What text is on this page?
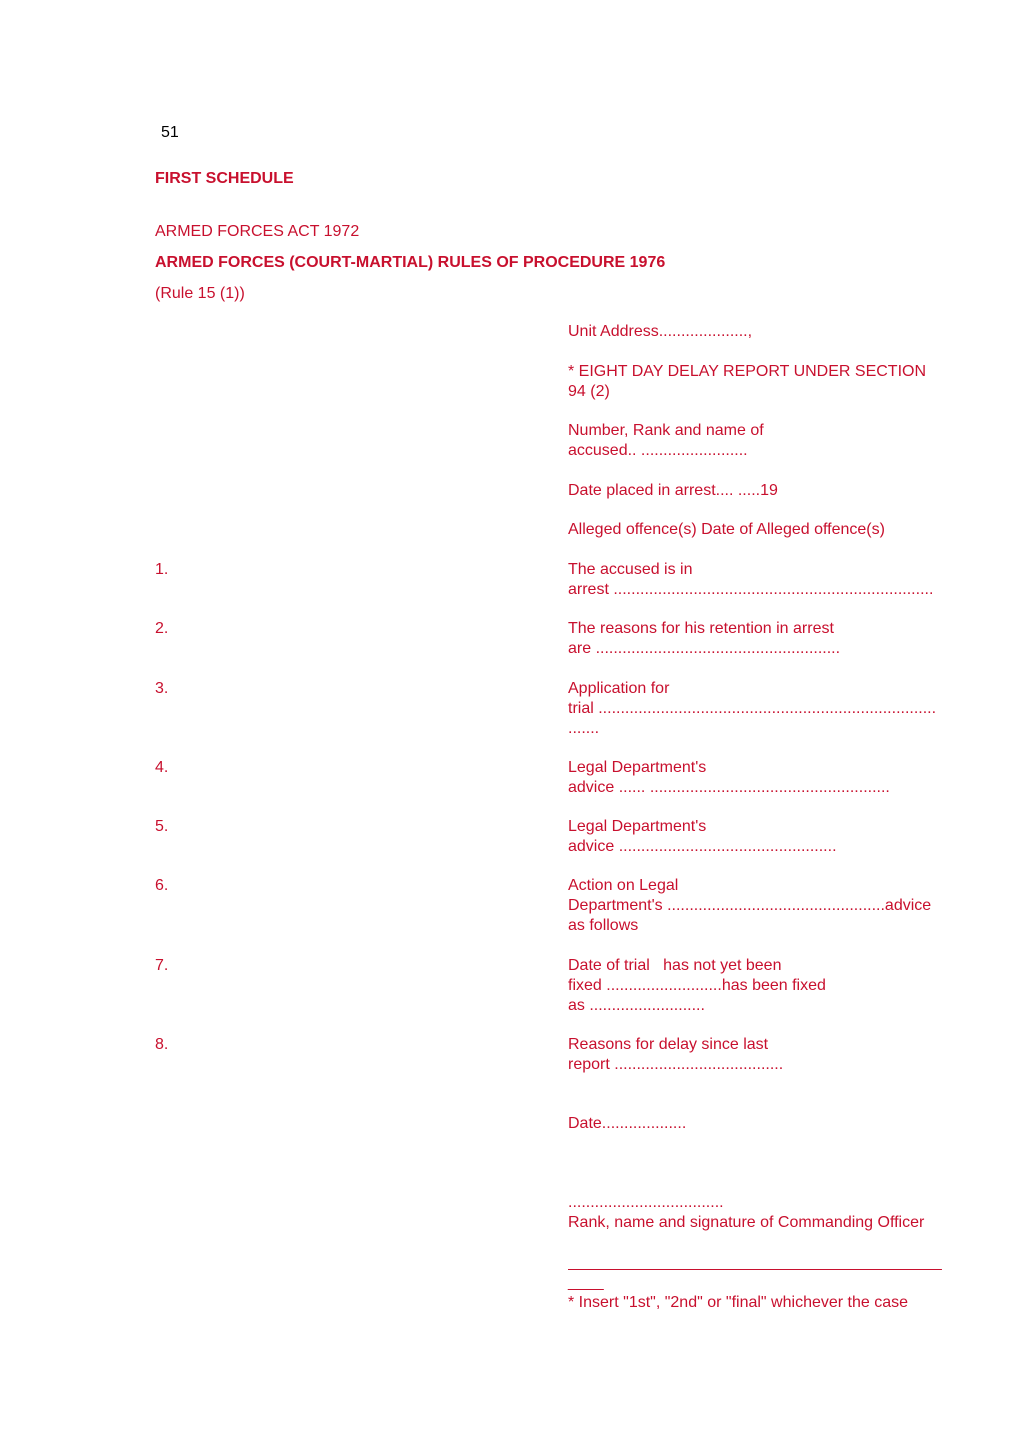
51
FIRST SCHEDULE
ARMED FORCES ACT 1972
ARMED FORCES (COURT-MARTIAL) RULES OF PROCEDURE 1976
(Rule 15 (1))
Unit Address....................,
* EIGHT DAY DELAY REPORT UNDER SECTION
94 (2)
Number, Rank and name of
accused.. ........................
Date placed in arrest.... .....19
Alleged offence(s) Date of Alleged offence(s)
1.	The accused is in
arrest ........................................................................
2.	The reasons for his retention in arrest
are .......................................................
3.	Application for
trial ............................................................................
.......
4.	Legal Department's
advice ...... ......................................................
5.	Legal Department's
advice .................................................
6.	Action on Legal
Department's .................................................advice
as follows
7.	Date of trial   has not yet been
fixed ..........................has been fixed
as ..........................
8.	Reasons for delay since last
report ......................................
Date...................
...................................
Rank, name and signature of Commanding Officer
__________________________________________
____
* Insert "1st", "2nd" or "final" whichever the case
